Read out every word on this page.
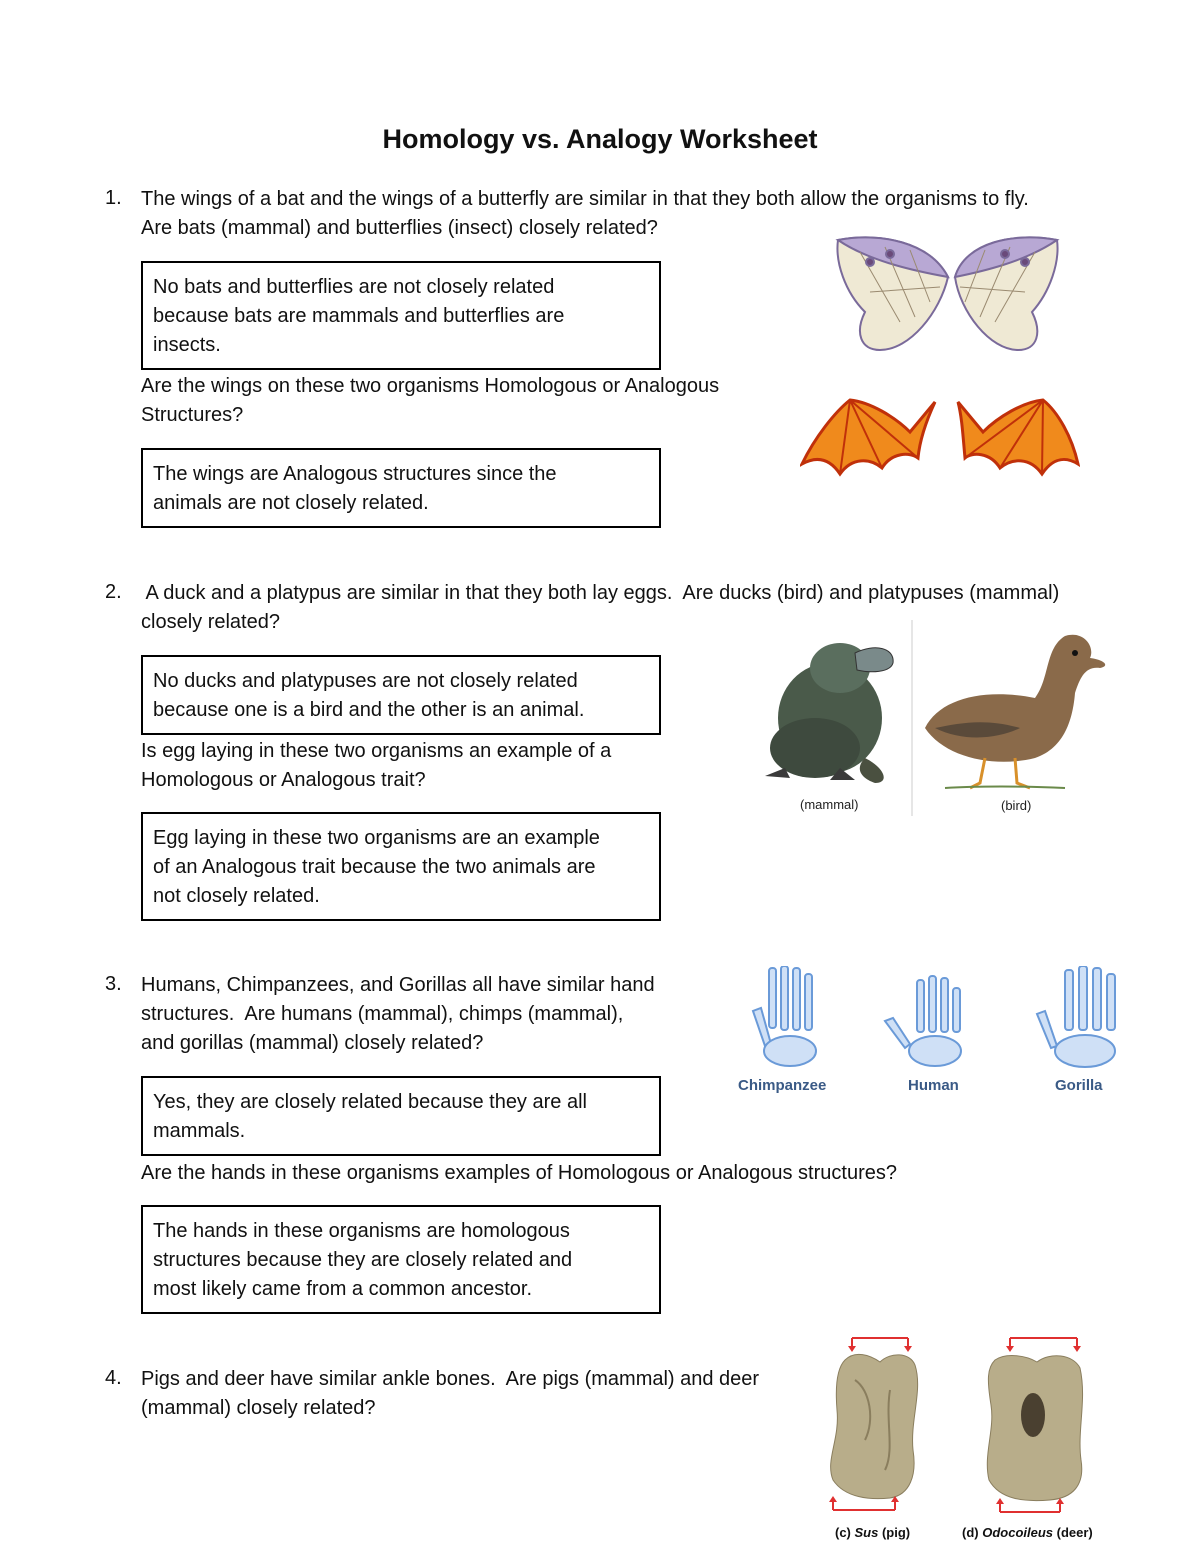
Homology vs. Analogy Worksheet
1. The wings of a bat and the wings of a butterfly are similar in that they both allow the organisms to fly.
Are bats (mammal) and butterflies (insect) closely related?
No bats and butterflies are not closely related
because bats are mammals and butterflies are
insects.
Are the wings on these two organisms Homologous or Analogous
Structures?
The wings are Analogous structures since the
animals are not closely related.
2. A duck and a platypus are similar in that they both lay eggs.  Are ducks (bird) and platypuses (mammal)
closely related?
No ducks and platypuses are not closely related
because one is a bird and the other is an animal.
Is egg laying in these two organisms an example of a
Homologous or Analogous trait?
Egg laying in these two organisms are an example
of an Analogous trait because the two animals are
not closely related.
(mammal)	(bird)
3. Humans, Chimpanzees, and Gorillas all have similar hand
structures.  Are humans (mammal), chimps (mammal),
and gorillas (mammal) closely related?
Yes, they are closely related because they are all
mammals.
Are the hands in these organisms examples of Homologous or Analogous structures?
The hands in these organisms are homologous
structures because they are closely related and
most likely came from a common ancestor.
Chimpanzee	Human	Gorilla
4. Pigs and deer have similar ankle bones.  Are pigs (mammal) and deer
(mammal) closely related?
(c) Sus (pig)	(d) Odocoileus (deer)
